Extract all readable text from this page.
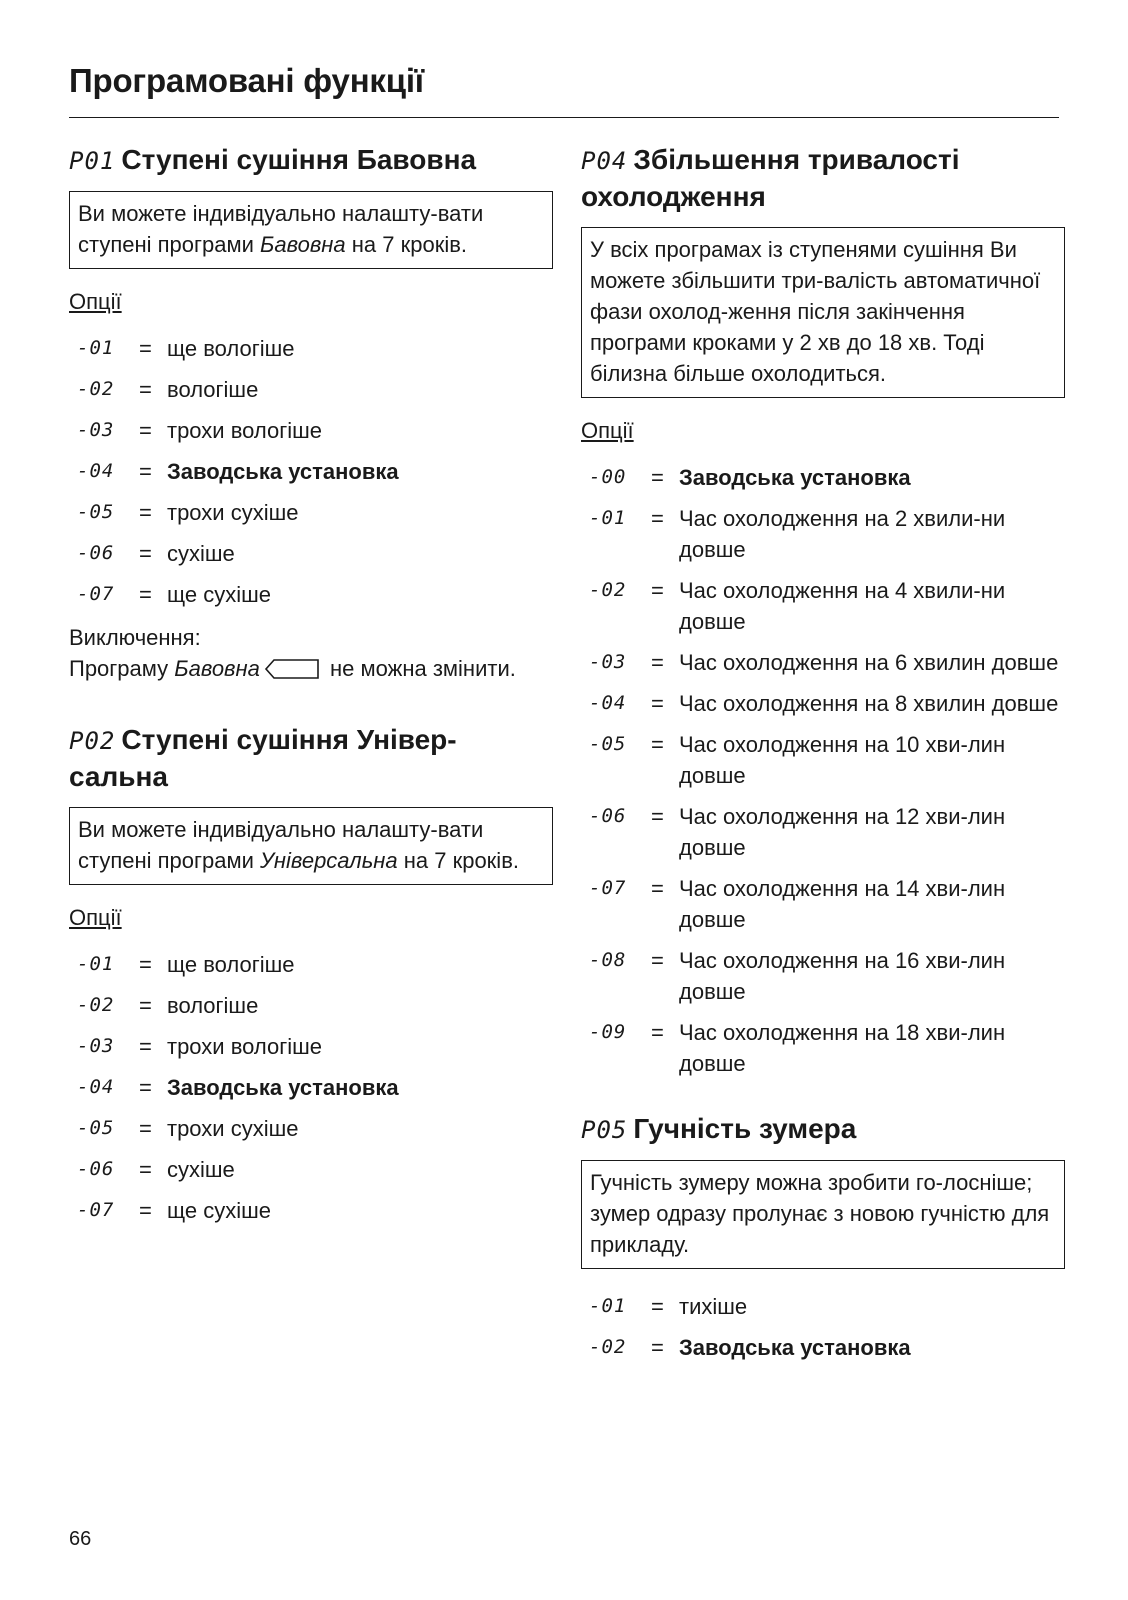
Програмовані функції
P01 Ступені сушіння Бавовна
Ви можете індивідуально налашту-вати ступені програми Бавовна на 7 кроків.
Опції
-01	= ще вологіше
-02	= вологіше
-03	= трохи вологіше
-04	= Заводська установка
-05	= трохи сухіше
-06	= сухіше
-07	= ще сухіше
Виключення:
Програму Бавовна	не можна змінити.
P02 Ступені сушіння Універ-сальна
Ви можете індивідуально налашту-вати ступені програми Універсальна на 7 кроків.
Опції
-01	= ще вологіше
-02	= вологіше
-03	= трохи вологіше
-04	= Заводська установка
-05	= трохи сухіше
-06	= сухіше
-07	= ще сухіше
P04 Збільшення тривалості охолодження
У всіх програмах із ступенями сушіння Ви можете збільшити три-валість автоматичної фази охолод-ження після закінчення програми кроками у 2 хв до 18 хв. Тоді білизна більше охолодиться.
Опції
-00	= Заводська установка
-01	= Час охолодження на 2 хвили-ни довше
-02	= Час охолодження на 4 хвили-ни довше
-03	= Час охолодження на 6 хвилин довше
-04	= Час охолодження на 8 хвилин довше
-05	= Час охолодження на 10 хви-лин довше
-06	= Час охолодження на 12 хви-лин довше
-07	= Час охолодження на 14 хви-лин довше
-08	= Час охолодження на 16 хви-лин довше
-09	= Час охолодження на 18 хви-лин довше
P05 Гучність зумера
Гучність зумеру можна зробити го-лосніше; зумер одразу пролунає з новою гучністю для прикладу.
-01	= тихіше
-02	= Заводська установка
66
